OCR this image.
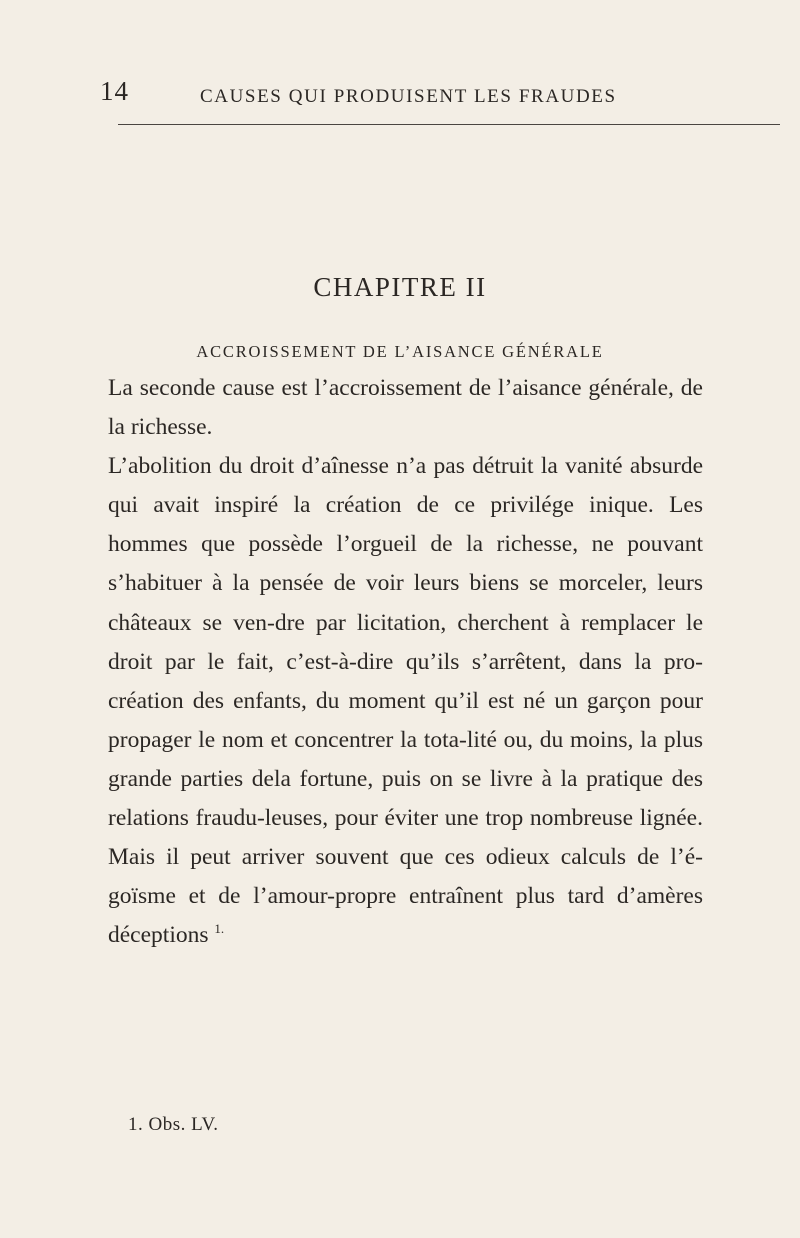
14	CAUSES QUI PRODUISENT LES FRAUDES
CHAPITRE II
ACCROISSEMENT DE L’AISANCE GÉNÉRALE

La seconde cause est l’accroissement de l’aisance générale, de la richesse.

L’abolition du droit d’aînesse n’a pas détruit la vanité absurde qui avait inspiré la création de ce privilége inique. Les hommes que possède l’orgueil de la richesse, ne pouvant s’habituer à la pensée de voir leurs biens se morceler, leurs châteaux se ven-dre par licitation, cherchent à remplacer le droit par le fait, c’est-à-dire qu’ils s’arrêtent, dans la pro-création des enfants, du moment qu’il est né un garçon pour propager le nom et concentrer la tota-lité ou, du moins, la plus grande parties dela fortune, puis on se livre à la pratique des relations fraudu-leuses, pour éviter une trop nombreuse lignée. Mais il peut arriver souvent que ces odieux calculs de l’é-goïsme et de l’amour-propre entraînent plus tard d’amères déceptions $^{1.}$

1. Obs. LV.
